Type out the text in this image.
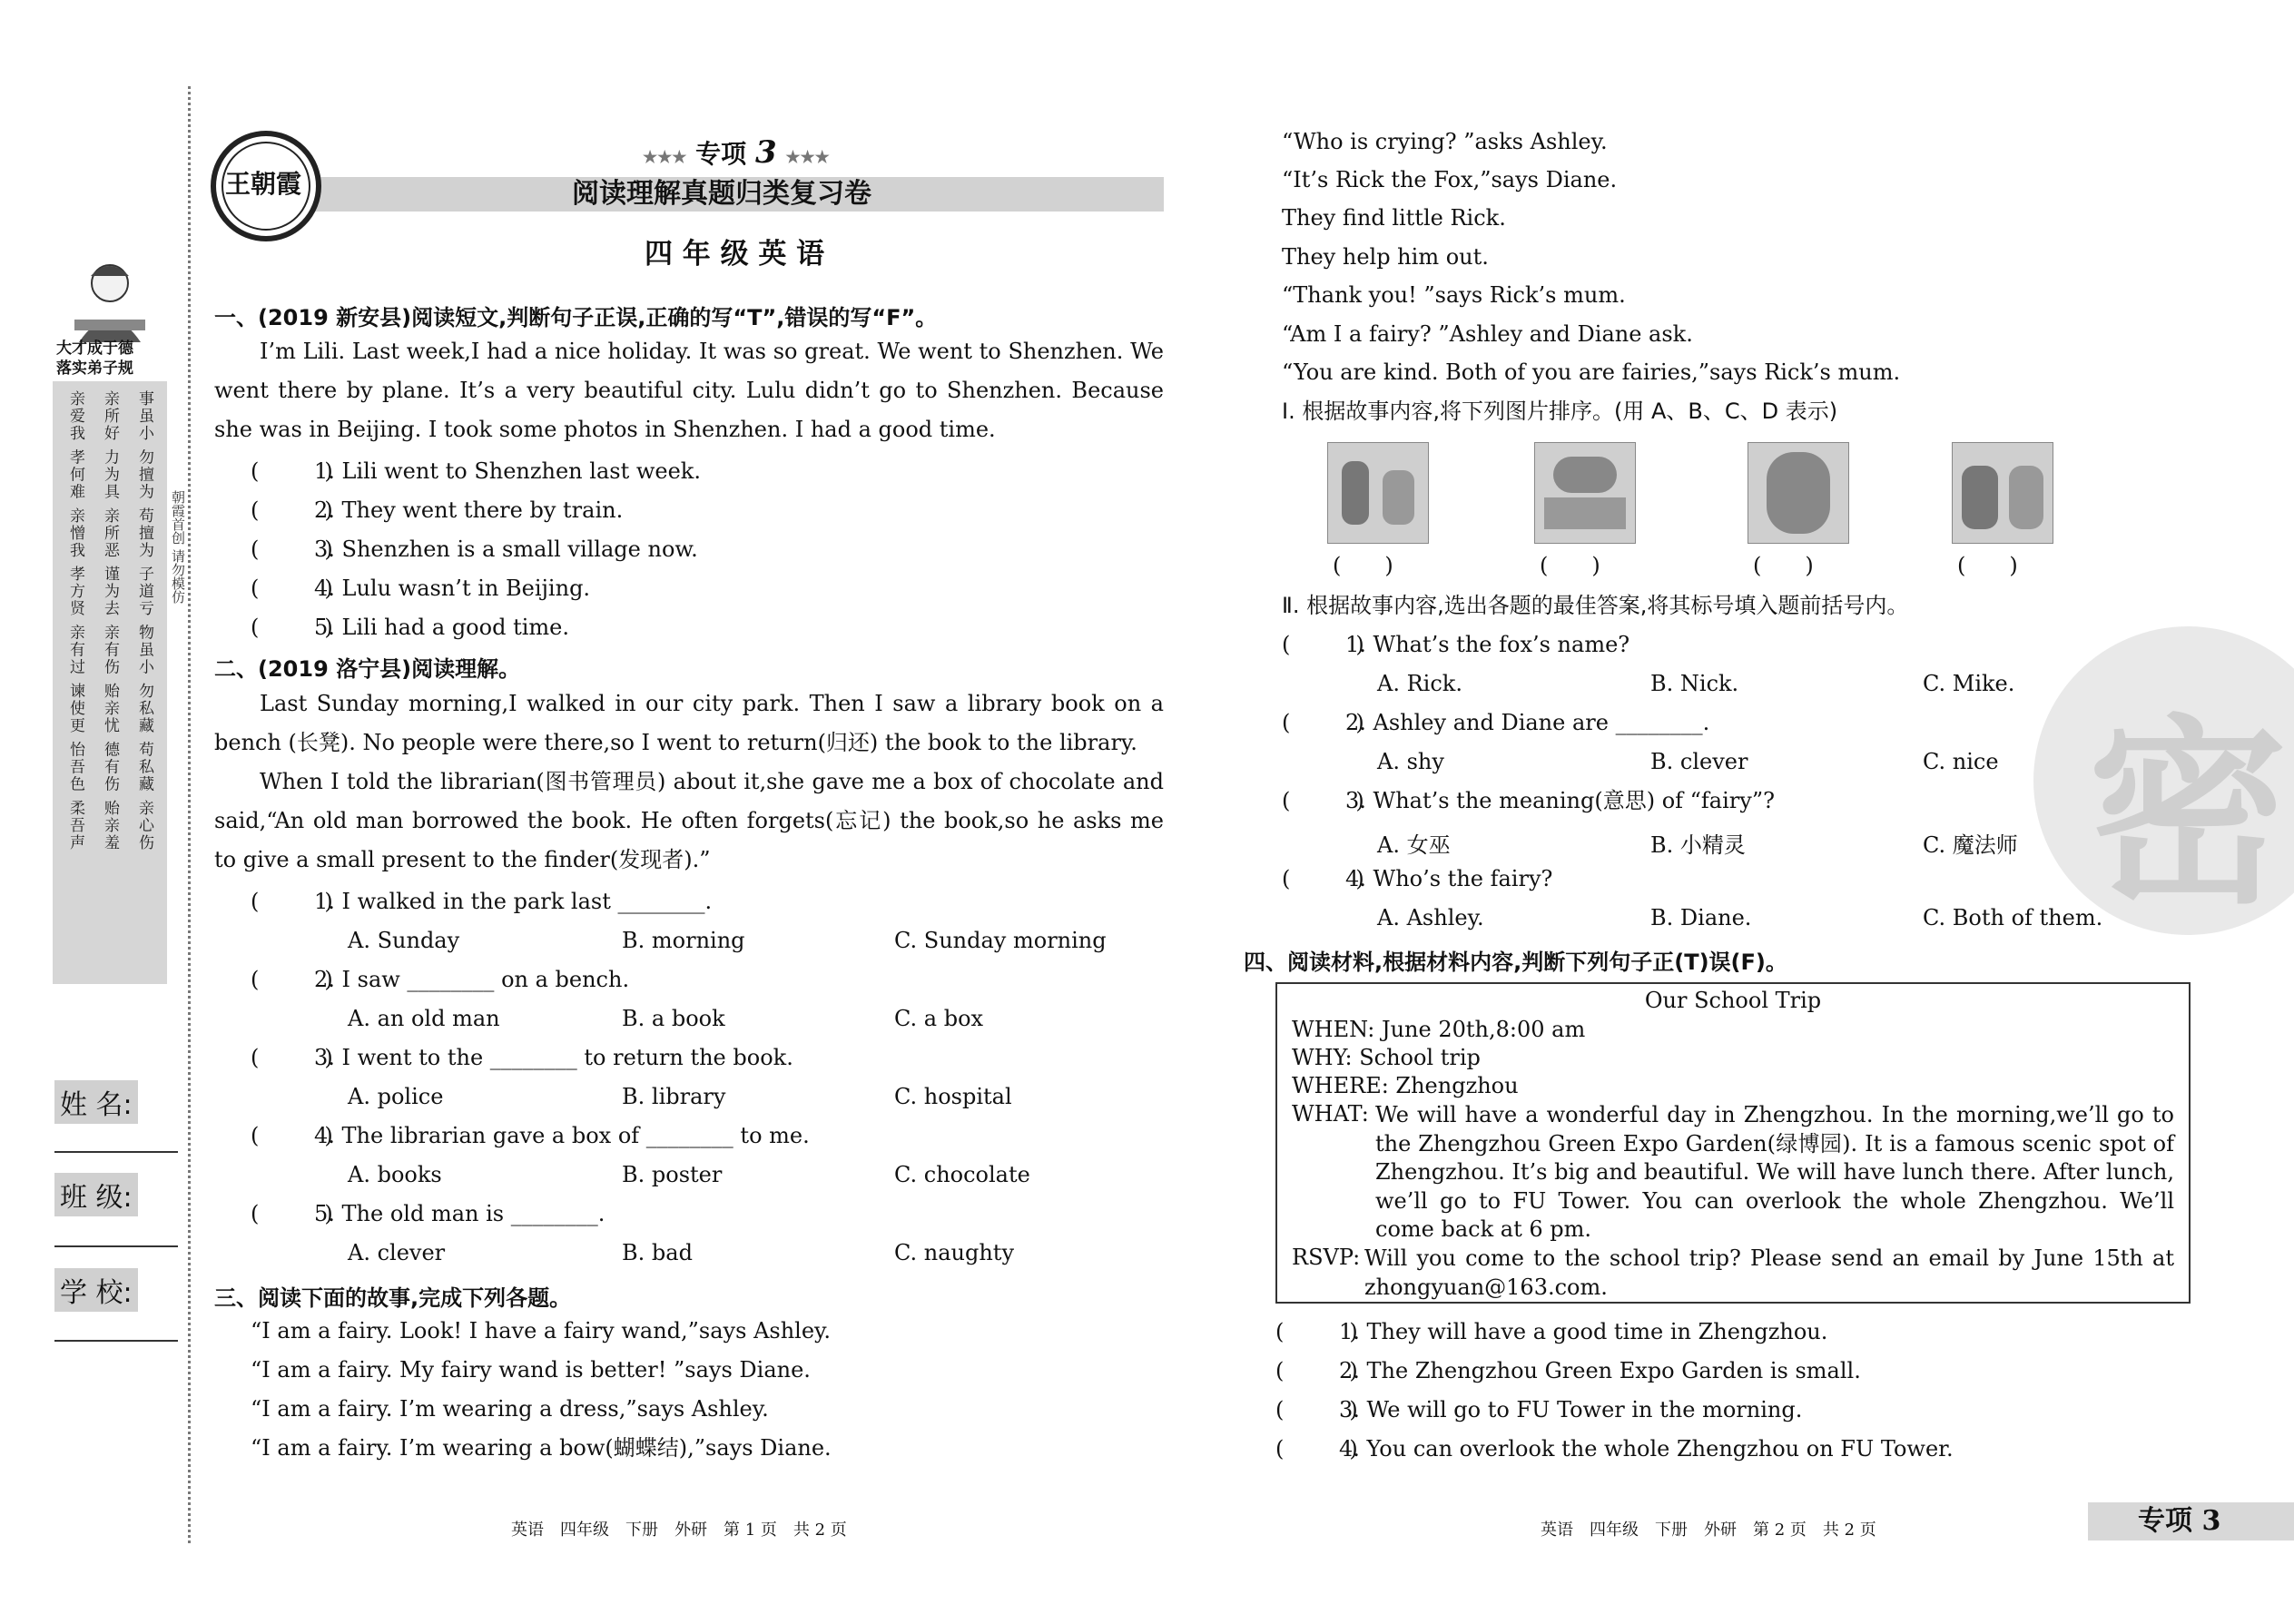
大才成于德
落实弟子规
事虽小 勿擅为 苟擅为 子道亏 物虽小 勿私藏 苟私藏 亲心伤
亲所好 力为具 亲所恶 谨为去 亲有伤 贻亲忧 德有伤 贻亲羞
亲爱我 孝何难 亲憎我 孝方贤 亲有过 谏使更 怡吾色 柔吾声	朝霞首创 请勿模仿
姓 名:
班 级:
学 校:
王朝霞
★★★ 专项 3 ★★★
阅读理解真题归类复习卷
四 年 级 英 语
一、(2019 新安县)阅读短文,判断句子正误,正确的写“T”,错误的写“F”。
I’m Lili. Last week,I had a nice holiday. It was so great. We went to Shenzhen. We went there by plane. It’s a very beautiful city. Lulu didn’t go to Shenzhen. Because she was in Beijing. I took some photos in Shenzhen. I had a good time.
(　　　)1. Lili went to Shenzhen last week.
(　　　)2. They went there by train.
(　　　)3. Shenzhen is a small village now.
(　　　)4. Lulu wasn’t in Beijing.
(　　　)5. Lili had a good time.
二、(2019 洛宁县)阅读理解。
Last Sunday morning,I walked in our city park. Then I saw a library book on a bench (长凳). No people were there,so I went to return(归还) the book to the library.
When I told the librarian(图书管理员) about it,she gave me a box of chocolate and said,“An old man borrowed the book. He often forgets(忘记) the book,so he asks me to give a small present to the finder(发现者).”
(　　　)1. I walked in the park last ________.
A. Sunday	B. morning	C. Sunday morning
(　　　)2. I saw ________ on a bench.
A. an old man	B. a book	C. a box
(　　　)3. I went to the ________ to return the book.
A. police	B. library	C. hospital
(　　　)4. The librarian gave a box of ________ to me.
A. books	B. poster	C. chocolate
(　　　)5. The old man is ________.
A. clever	B. bad	C. naughty
三、阅读下面的故事,完成下列各题。
“I am a fairy. Look! I have a fairy wand,”says Ashley.
“I am a fairy. My fairy wand is better! ”says Diane.
“I am a fairy. I’m wearing a dress,”says Ashley.
“I am a fairy. I’m wearing a bow(蝴蝶结),”says Diane.
密
“Who is crying? ”asks Ashley.
“It’s Rick the Fox,”says Diane.
They find little Rick.
They help him out.
“Thank you! ”says Rick’s mum.
“Am I a fairy? ”Ashley and Diane ask.
“You are kind. Both of you are fairies,”says Rick’s mum.
Ⅰ. 根据故事内容,将下列图片排序。(用 A、B、C、D 表示)
(　　)	(　　)	(　　)	(　　)
Ⅱ. 根据故事内容,选出各题的最佳答案,将其标号填入题前括号内。
(　　　)1. What’s the fox’s name?
A. Rick.	B. Nick.	C. Mike.
(　　　)2. Ashley and Diane are ________.
A. shy	B. clever	C. nice
(　　　)3. What’s the meaning(意思) of “fairy”?
A. 女巫	B. 小精灵	C. 魔法师
(　　　)4. Who’s the fairy?
A. Ashley.	B. Diane.	C. Both of them.
四、阅读材料,根据材料内容,判断下列句子正(T)误(F)。
Our School Trip
WHEN: June 20th,8:00 am
WHY: School trip
WHERE: Zhengzhou
WHAT: We will have a wonderful day in Zhengzhou. In the morning,we’ll go to the Zhengzhou Green Expo Garden(绿博园). It is a famous scenic spot of Zhengzhou. It’s big and beautiful. We will have lunch there. After lunch, we’ll go to FU Tower. You can overlook the whole Zhengzhou. We’ll come back at 6 pm.
RSVP: Will you come to the school trip? Please send an email by June 15th at zhongyuan@163.com.
(　　　)1. They will have a good time in Zhengzhou.
(　　　)2. The Zhengzhou Green Expo Garden is small.
(　　　)3. We will go to FU Tower in the morning.
(　　　)4. You can overlook the whole Zhengzhou on FU Tower.
英语　四年级　下册　外研　第 1 页　共 2 页	英语　四年级　下册　外研　第 2 页　共 2 页	专项 3
